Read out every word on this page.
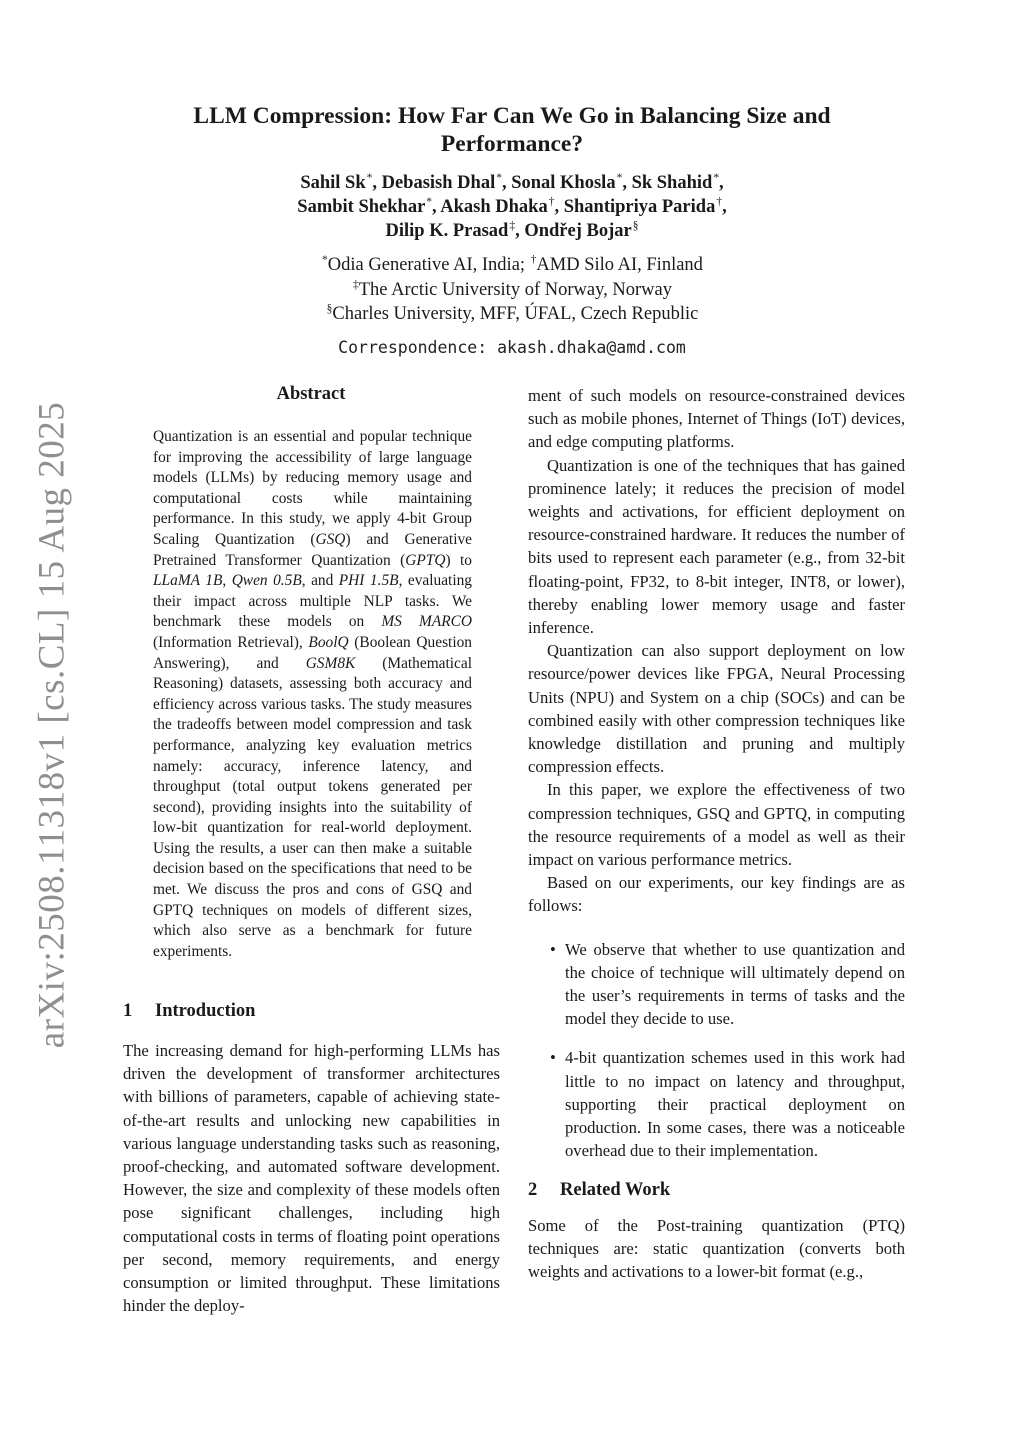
arXiv:2508.11318v1 [cs.CL] 15 Aug 2025
LLM Compression: How Far Can We Go in Balancing Size and
Performance?
Sahil Sk*, Debasish Dhal*, Sonal Khosla*, Sk Shahid*,
Sambit Shekhar*, Akash Dhaka†, Shantipriya Parida†,
Dilip K. Prasad‡, Ondřej Bojar§
*Odia Generative AI, India; †AMD Silo AI, Finland
‡The Arctic University of Norway, Norway
§Charles University, MFF, ÚFAL, Czech Republic
Correspondence: akash.dhaka@amd.com
Abstract
Quantization is an essential and popular technique for improving the accessibility of large language models (LLMs) by reducing memory usage and computational costs while maintaining performance. In this study, we apply 4-bit Group Scaling Quantization (GSQ) and Generative Pretrained Transformer Quantization (GPTQ) to LLaMA 1B, Qwen 0.5B, and PHI 1.5B, evaluating their impact across multiple NLP tasks. We benchmark these models on MS MARCO (Information Retrieval), BoolQ (Boolean Question Answering), and GSM8K (Mathematical Reasoning) datasets, assessing both accuracy and efficiency across various tasks. The study measures the tradeoffs between model compression and task performance, analyzing key evaluation metrics namely: accuracy, inference latency, and throughput (total output tokens generated per second), providing insights into the suitability of low-bit quantization for real-world deployment. Using the results, a user can then make a suitable decision based on the specifications that need to be met. We discuss the pros and cons of GSQ and GPTQ techniques on models of different sizes, which also serve as a benchmark for future experiments.
1 Introduction
The increasing demand for high-performing LLMs has driven the development of transformer architectures with billions of parameters, capable of achieving state-of-the-art results and unlocking new capabilities in various language understanding tasks such as reasoning, proof-checking, and automated software development. However, the size and complexity of these models often pose significant challenges, including high computational costs in terms of floating point operations per second, memory requirements, and energy consumption or limited throughput. These limitations hinder the deploy-

ment of such models on resource-constrained devices such as mobile phones, Internet of Things (IoT) devices, and edge computing platforms.

Quantization is one of the techniques that has gained prominence lately; it reduces the precision of model weights and activations, for efficient deployment on resource-constrained hardware. It reduces the number of bits used to represent each parameter (e.g., from 32-bit floating-point, FP32, to 8-bit integer, INT8, or lower), thereby enabling lower memory usage and faster inference.

Quantization can also support deployment on low resource/power devices like FPGA, Neural Processing Units (NPU) and System on a chip (SOCs) and can be combined easily with other compression techniques like knowledge distillation and pruning and multiply compression effects.

In this paper, we explore the effectiveness of two compression techniques, GSQ and GPTQ, in computing the resource requirements of a model as well as their impact on various performance metrics.

Based on our experiments, our key findings are as follows:

• We observe that whether to use quantization and the choice of technique will ultimately depend on the user’s requirements in terms of tasks and the model they decide to use.
• 4-bit quantization schemes used in this work had little to no impact on latency and throughput, supporting their practical deployment on production. In some cases, there was a noticeable overhead due to their implementation.
2 Related Work

Some of the Post-training quantization (PTQ) techniques are: static quantization (converts both weights and activations to a lower-bit format (e.g.,
